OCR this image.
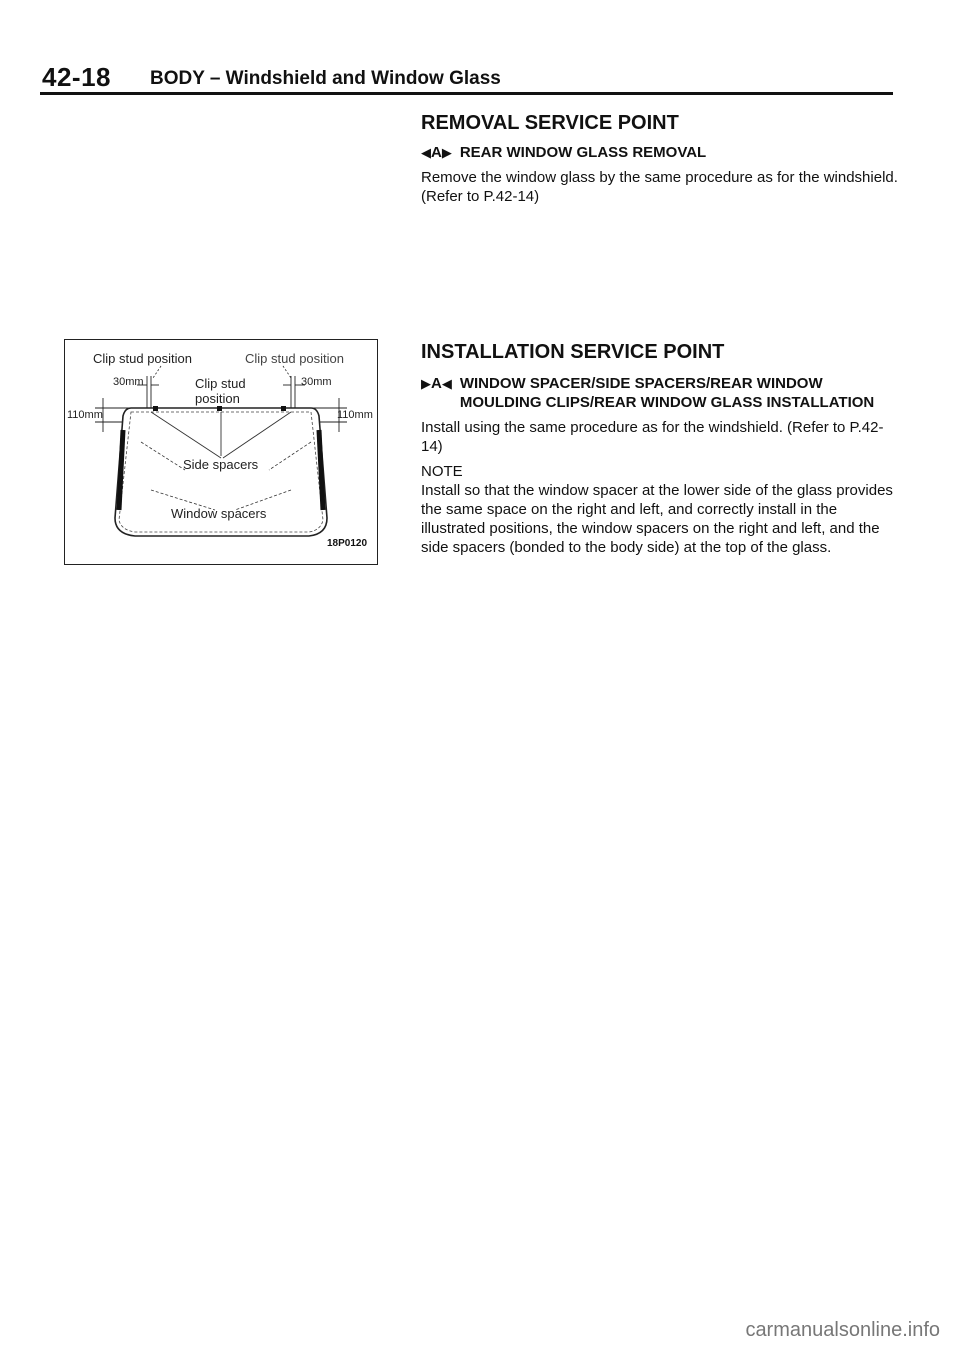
42-18 BODY – Windshield and Window Glass
REMOVAL SERVICE POINT
◀ A ▶ REAR WINDOW GLASS REMOVAL
Remove the window glass by the same procedure as for the windshield. (Refer to P.42-14)
INSTALLATION SERVICE POINT
▶ A ◀ WINDOW SPACER/SIDE SPACERS/REAR WINDOW MOULDING CLIPS/REAR WINDOW GLASS INSTALLATION
Install using the same procedure as for the windshield. (Refer to P.42-14)
NOTE
Install so that the window spacer at the lower side of the glass provides the same space on the right and left, and correctly install in the illustrated positions, the window spacers on the right and left, and the side spacers (bonded to the body side) at the top of the glass.
Clip stud position	Clip stud position
30mm	30mm
Clip stud
position
110mm	110mm
Side spacers
Window spacers
18P0120
carmanualsonline.info
